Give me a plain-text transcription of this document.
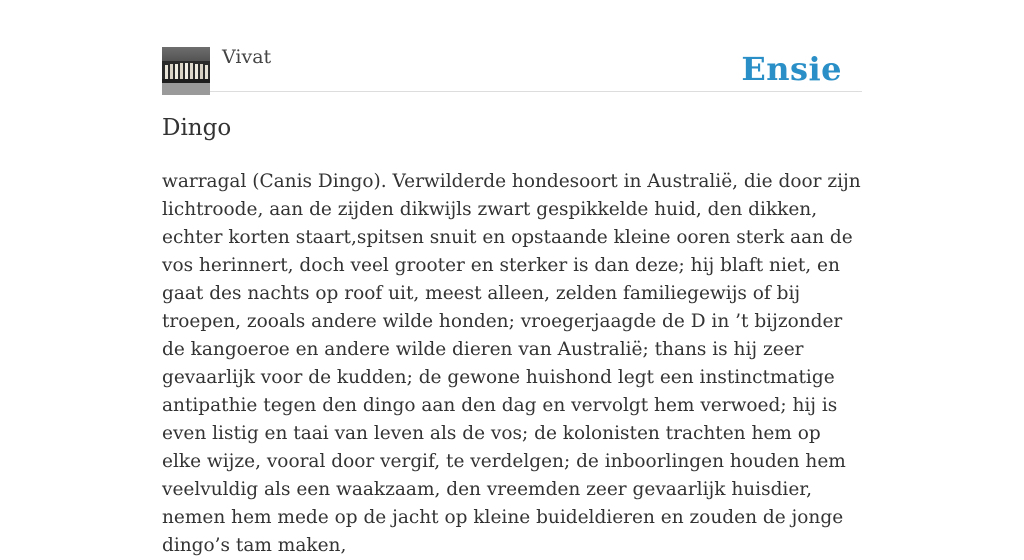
Vivat	Ensie
Dingo

warragal (Canis Dingo). Verwilderde hondesoort in Australië, die door zijn lichtroode, aan de zijden dikwijls zwart gespikkelde huid, den dikken, echter korten staart,spitsen snuit en opstaande kleine ooren sterk aan de vos herinnert, doch veel grooter en sterker is dan deze; hij blaft niet, en gaat des nachts op roof uit, meest alleen, zelden familiegewijs of bij troepen, zooals andere wilde honden; vroegerjaagde de D in ’t bijzonder de kangoeroe en andere wilde dieren van Australië; thans is hij zeer gevaarlijk voor de kudden; de gewone huishond legt een instinctmatige antipathie tegen den dingo aan den dag en vervolgt hem verwoed; hij is even listig en taai van leven als de vos; de kolonisten trachten hem op elke wijze, vooral door vergif, te verdelgen; de inboorlingen houden hem veelvuldig als een waakzaam, den vreemden zeer gevaarlijk huisdier, nemen hem mede op de jacht op kleine buideldieren en zouden de jonge dingo’s tam maken,
